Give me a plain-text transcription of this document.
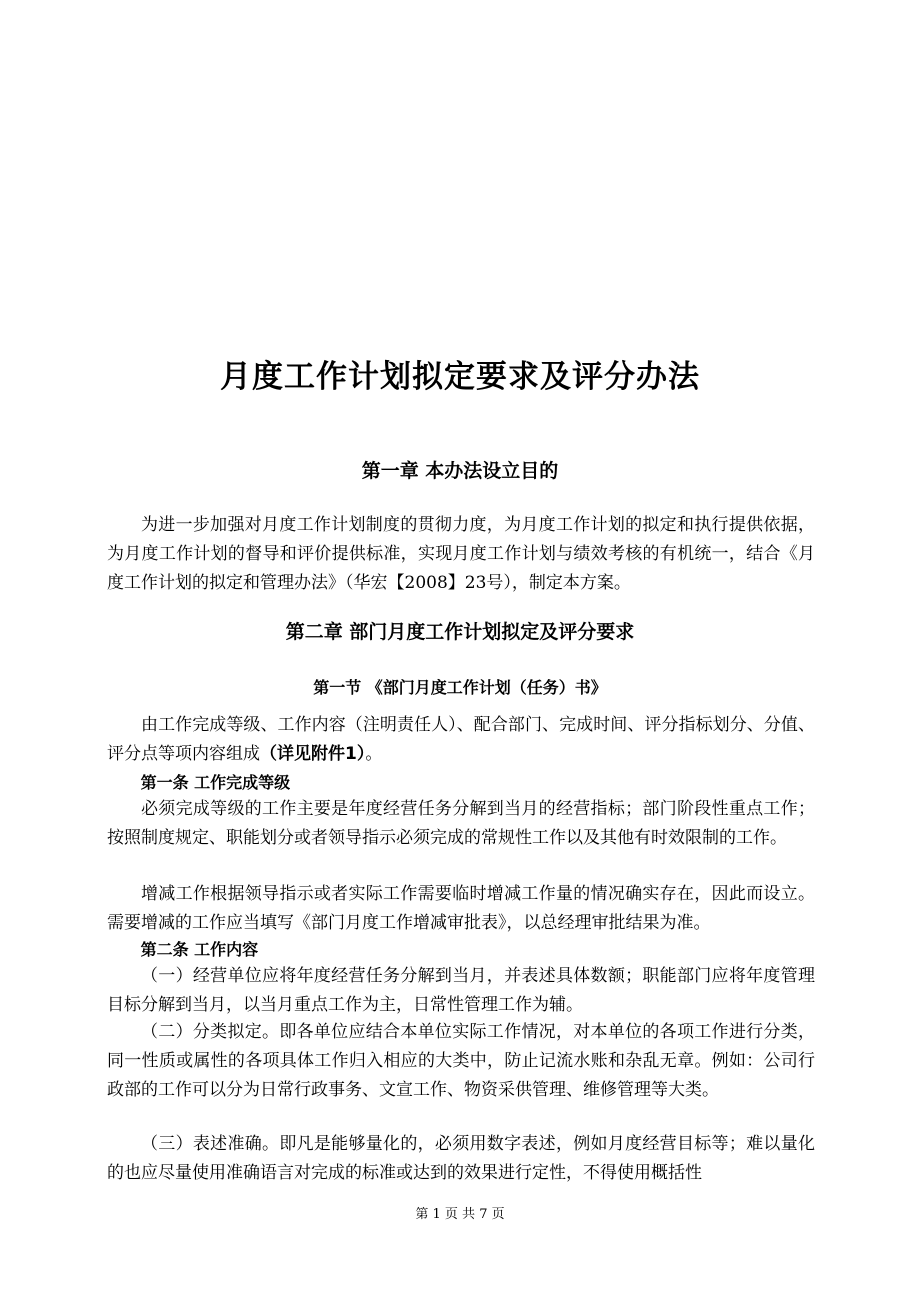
月度工作计划拟定要求及评分办法
第一章 本办法设立目的
为进一步加强对月度工作计划制度的贯彻力度，为月度工作计划的拟定和执行提供依据，为月度工作计划的督导和评价提供标准，实现月度工作计划与绩效考核的有机统一，结合《月度工作计划的拟定和管理办法》（华宏【2008】23号），制定本方案。
第二章 部门月度工作计划拟定及评分要求
第一节 《部门月度工作计划（任务）书》
由工作完成等级、工作内容（注明责任人）、配合部门、完成时间、评分指标划分、分值、评分点等项内容组成（详见附件1）。
第一条 工作完成等级
必须完成等级的工作主要是年度经营任务分解到当月的经营指标；部门阶段性重点工作；按照制度规定、职能划分或者领导指示必须完成的常规性工作以及其他有时效限制的工作。
增减工作根据领导指示或者实际工作需要临时增减工作量的情况确实存在，因此而设立。需要增减的工作应当填写《部门月度工作增减审批表》，以总经理审批结果为准。
第二条 工作内容
（一）经营单位应将年度经营任务分解到当月，并表述具体数额；职能部门应将年度管理目标分解到当月，以当月重点工作为主，日常性管理工作为辅。
（二）分类拟定。即各单位应结合本单位实际工作情况，对本单位的各项工作进行分类，同一性质或属性的各项具体工作归入相应的大类中，防止记流水账和杂乱无章。例如：公司行政部的工作可以分为日常行政事务、文宣工作、物资采供管理、维修管理等大类。
（三）表述准确。即凡是能够量化的，必须用数字表述，例如月度经营目标等；难以量化的也应尽量使用准确语言对完成的标准或达到的效果进行定性，不得使用概括性
第 1 页 共 7 页
